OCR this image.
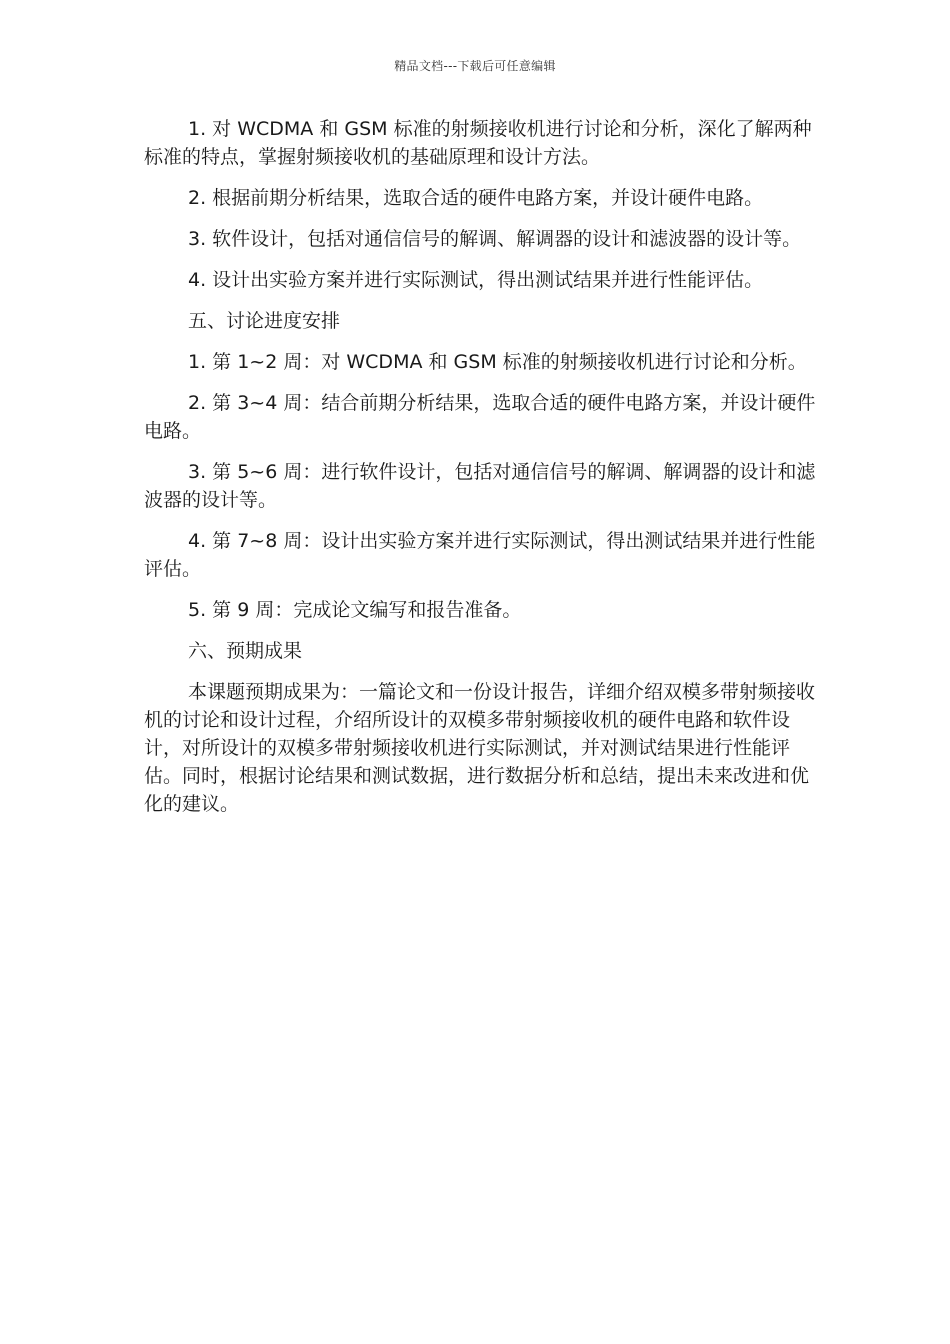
精品文档---下载后可任意编辑

1. 对 WCDMA 和 GSM 标准的射频接收机进行讨论和分析，深化了解两种标准的特点，掌握射频接收机的基础原理和设计方法。

2. 根据前期分析结果，选取合适的硬件电路方案，并设计硬件电路。

3. 软件设计，包括对通信信号的解调、解调器的设计和滤波器的设计等。

4. 设计出实验方案并进行实际测试，得出测试结果并进行性能评估。

五、讨论进度安排

1. 第 1~2 周：对 WCDMA 和 GSM 标准的射频接收机进行讨论和分析。

2. 第 3~4 周：结合前期分析结果，选取合适的硬件电路方案，并设计硬件电路。

3. 第 5~6 周：进行软件设计，包括对通信信号的解调、解调器的设计和滤波器的设计等。

4. 第 7~8 周：设计出实验方案并进行实际测试，得出测试结果并进行性能评估。

5. 第 9 周：完成论文编写和报告准备。

六、预期成果

本课题预期成果为：一篇论文和一份设计报告，详细介绍双模多带射频接收机的讨论和设计过程，介绍所设计的双模多带射频接收机的硬件电路和软件设计，对所设计的双模多带射频接收机进行实际测试，并对测试结果进行性能评估。同时，根据讨论结果和测试数据，进行数据分析和总结，提出未来改进和优化的建议。
